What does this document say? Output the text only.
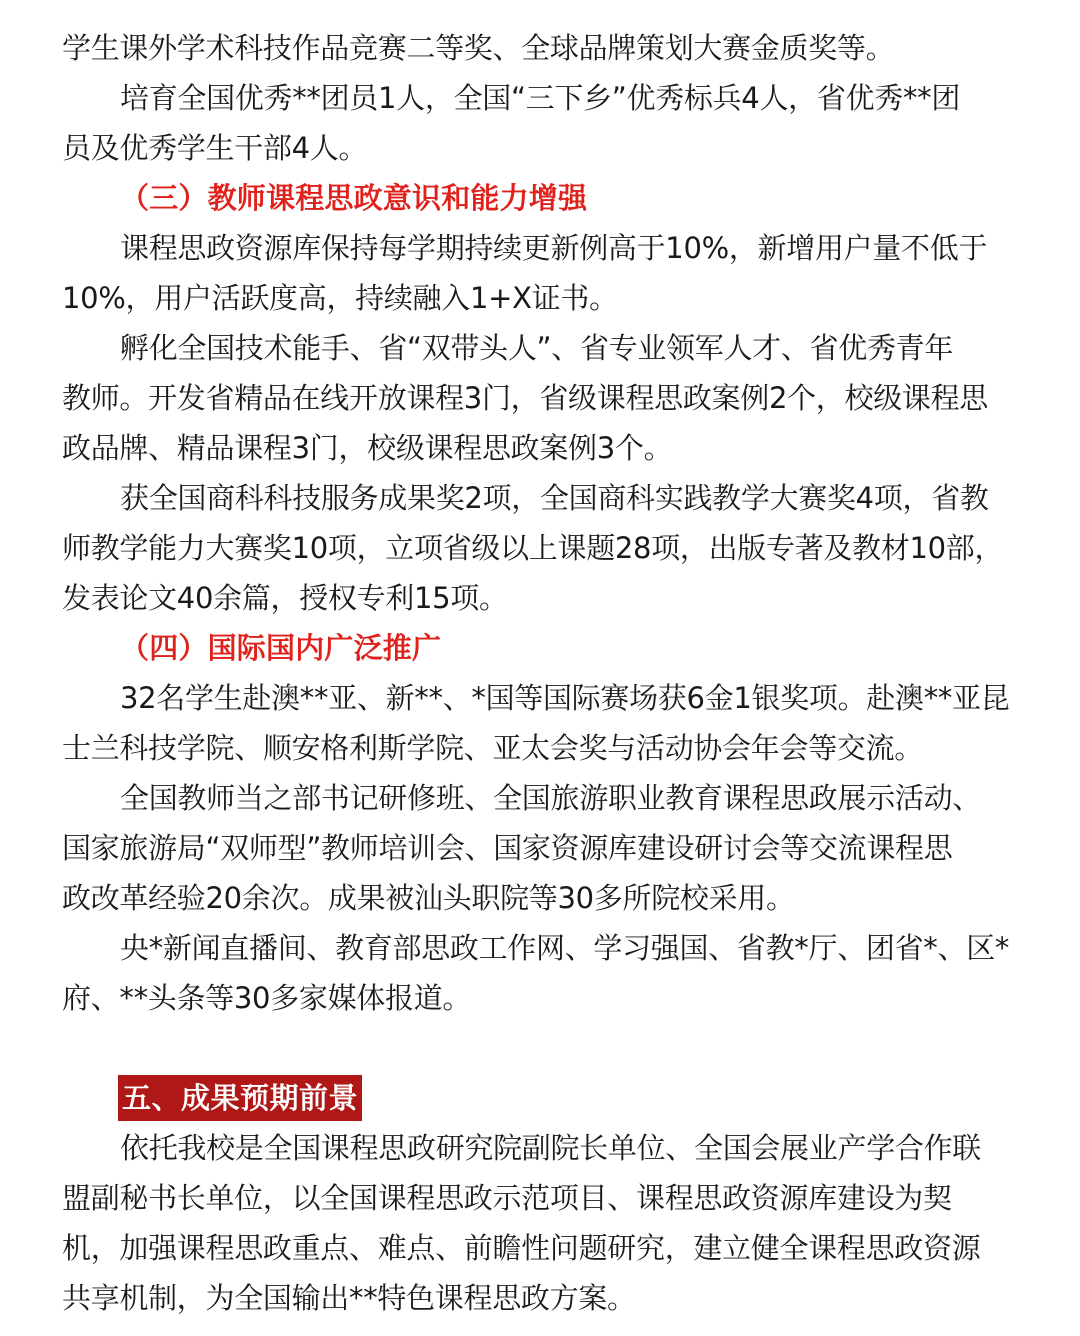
学生课外学术科技作品竞赛二等奖、全球品牌策划大赛金质奖等。
培育全国优秀**团员1人，全国“三下乡”优秀标兵4人，省优秀**团
员及优秀学生干部4人。
（三）教师课程思政意识和能力增强
课程思政资源库保持每学期持续更新例高于10%，新增用户量不低于
10%，用户活跃度高，持续融入1+X证书。
孵化全国技术能手、省“双带头人”、省专业领军人才、省优秀青年
教师。开发省精品在线开放课程3门，省级课程思政案例2个，校级课程思
政品牌、精品课程3门，校级课程思政案例3个。
获全国商科科技服务成果奖2项，全国商科实践教学大赛奖4项，省教
师教学能力大赛奖10项，立项省级以上课题28项，出版专著及教材10部，
发表论文40余篇，授权专利15项。
（四）国际国内广泛推广
32名学生赴澳**亚、新**、*国等国际赛场获6金1银奖项。赴澳**亚昆
士兰科技学院、顺安格利斯学院、亚太会奖与活动协会年会等交流。
全国教师当之部书记研修班、全国旅游职业教育课程思政展示活动、
国家旅游局“双师型”教师培训会、国家资源库建设研讨会等交流课程思
政改革经验20余次。成果被汕头职院等30多所院校采用。
央*新闻直播间、教育部思政工作网、学习强国、省教*厅、团省*、区*
府、**头条等30多家媒体报道。
五、成果预期前景
依托我校是全国课程思政研究院副院长单位、全国会展业产学合作联
盟副秘书长单位，以全国课程思政示范项目、课程思政资源库建设为契
机，加强课程思政重点、难点、前瞻性问题研究，建立健全课程思政资源
共享机制，为全国输出**特色课程思政方案。
